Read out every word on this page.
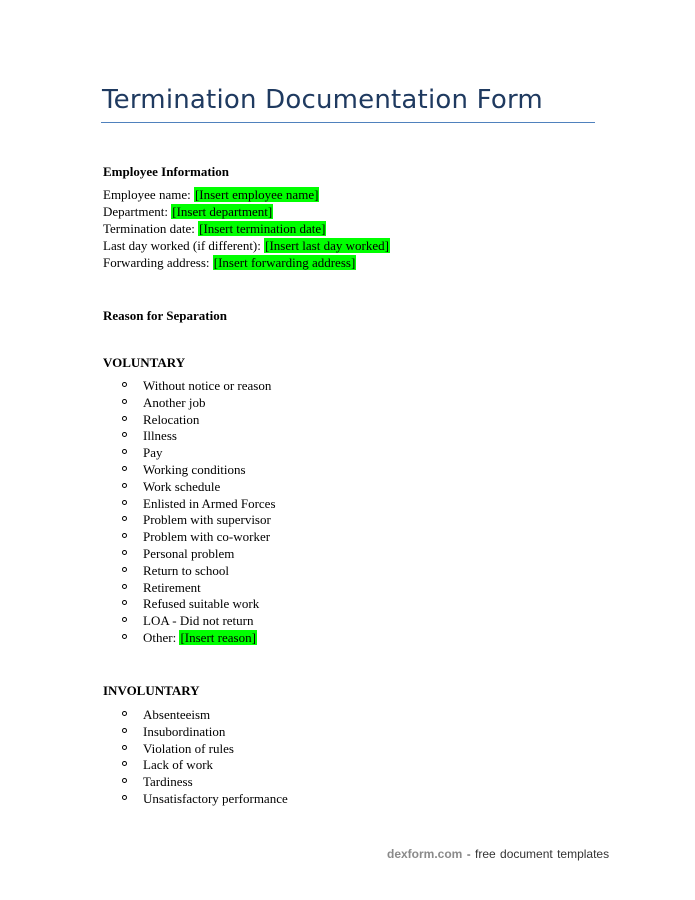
Termination Documentation Form
Employee Information
Employee name: [Insert employee name]
Department: [Insert department]
Termination date: [Insert termination date]
Last day worked (if different): [Insert last day worked]
Forwarding address: [Insert forwarding address]
Reason for Separation
VOLUNTARY
Without notice or reason
Another job
Relocation
Illness
Pay
Working conditions
Work schedule
Enlisted in Armed Forces
Problem with supervisor
Problem with co-worker
Personal problem
Return to school
Retirement
Refused suitable work
LOA - Did not return
Other: [Insert reason]
INVOLUNTARY
Absenteeism
Insubordination
Violation of rules
Lack of work
Tardiness
Unsatisfactory performance
dexform.com - free document templates
